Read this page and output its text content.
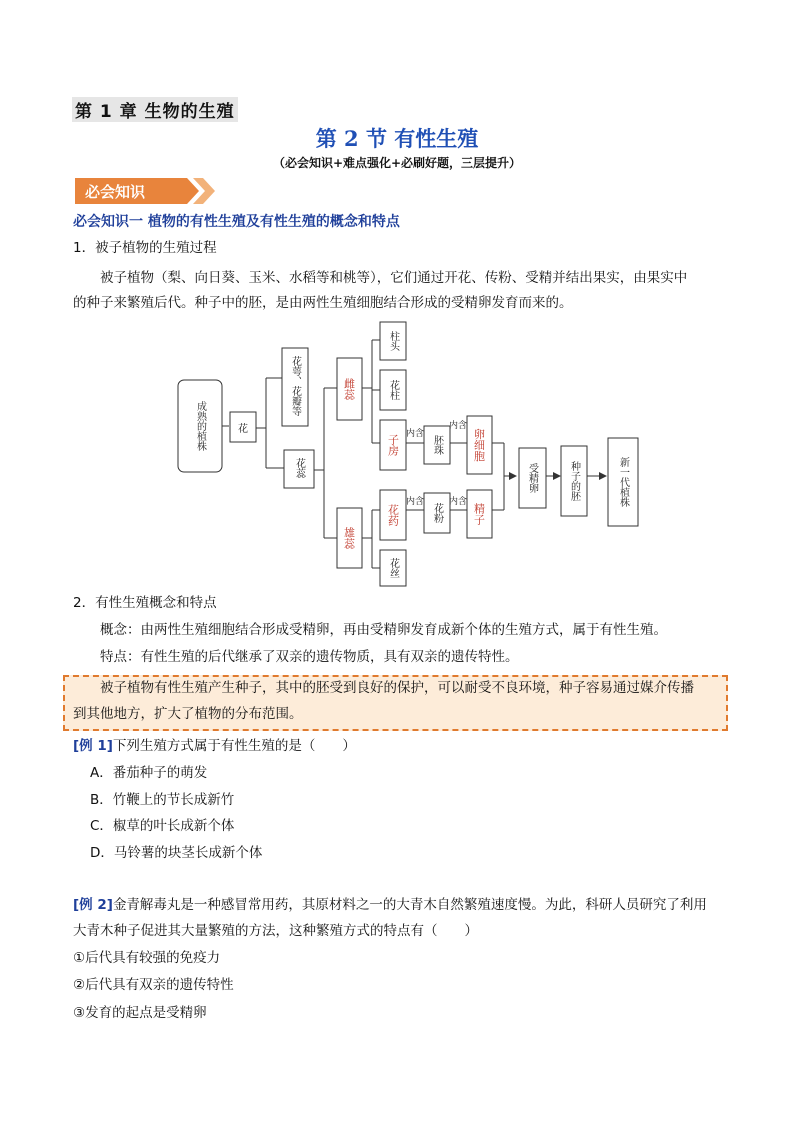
第 1 章 生物的生殖
第 2 节 有性生殖
（必会知识+难点强化+必刷好题，三层提升）
必会知识
必会知识一 植物的有性生殖及有性生殖的概念和特点
1．被子植物的生殖过程
被子植物（梨、向日葵、玉米、水稻等和桃等），它们通过开花、传粉、受精并结出果实，由果实中
的种子来繁殖后代。种子中的胚，是由两性生殖细胞结合形成的受精卵发育而来的。
成熟的植株	花
花萼、花瓣等
花蕊
雌蕊
雄蕊
柱头
花柱
子房	胚珠	卵细胞
花药	花粉	精子
花丝
内含
内含
内含	内含
受精卵	种子的胚	新一代植株
2．有性生殖概念和特点
概念：由两性生殖细胞结合形成受精卵，再由受精卵发育成新个体的生殖方式，属于有性生殖。
特点：有性生殖的后代继承了双亲的遗传物质，具有双亲的遗传特性。
被子植物有性生殖产生种子，其中的胚受到良好的保护，可以耐受不良环境，种子容易通过媒介传播
到其他地方，扩大了植物的分布范围。
[例 1]下列生殖方式属于有性生殖的是（　　）
A．番茄种子的萌发
B．竹鞭上的节长成新竹
C．椒草的叶长成新个体
D．马铃薯的块茎长成新个体
[例 2]金青解毒丸是一种感冒常用药，其原材料之一的大青木自然繁殖速度慢。为此，科研人员研究了利用
大青木种子促进其大量繁殖的方法，这种繁殖方式的特点有（　　）
①后代具有较强的免疫力
②后代具有双亲的遗传特性
③发育的起点是受精卵
